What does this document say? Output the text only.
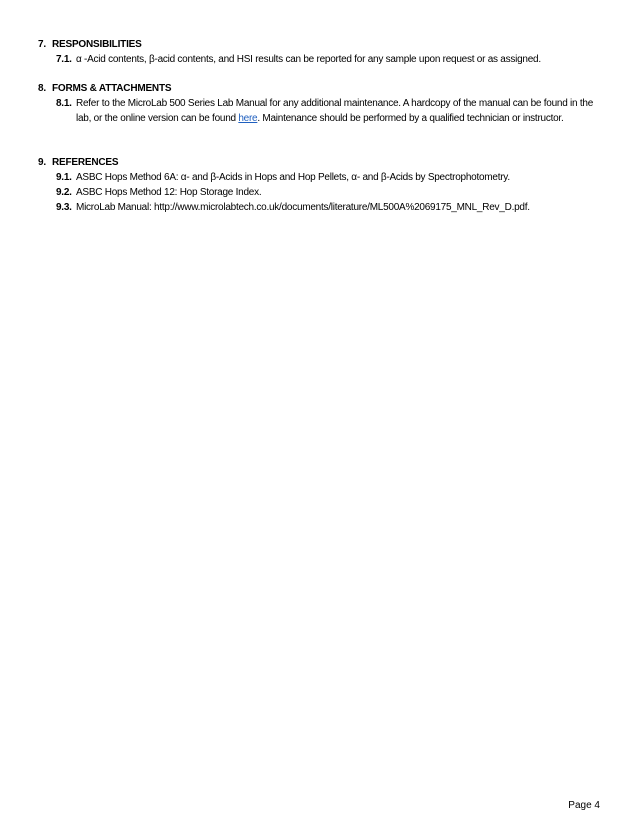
7. RESPONSIBILITIES
7.1. α -Acid contents, β-acid contents, and HSI results can be reported for any sample upon request or as assigned.
8. FORMS & ATTACHMENTS
8.1. Refer to the MicroLab 500 Series Lab Manual for any additional maintenance. A hardcopy of the manual can be found in the lab, or the online version can be found here. Maintenance should be performed by a qualified technician or instructor.
9. REFERENCES
9.1. ASBC Hops Method 6A: α- and β-Acids in Hops and Hop Pellets, α- and β-Acids by Spectrophotometry.
9.2. ASBC Hops Method 12: Hop Storage Index.
9.3. MicroLab Manual: http://www.microlabtech.co.uk/documents/literature/ML500A%2069175_MNL_Rev_D.pdf.
Page 4
